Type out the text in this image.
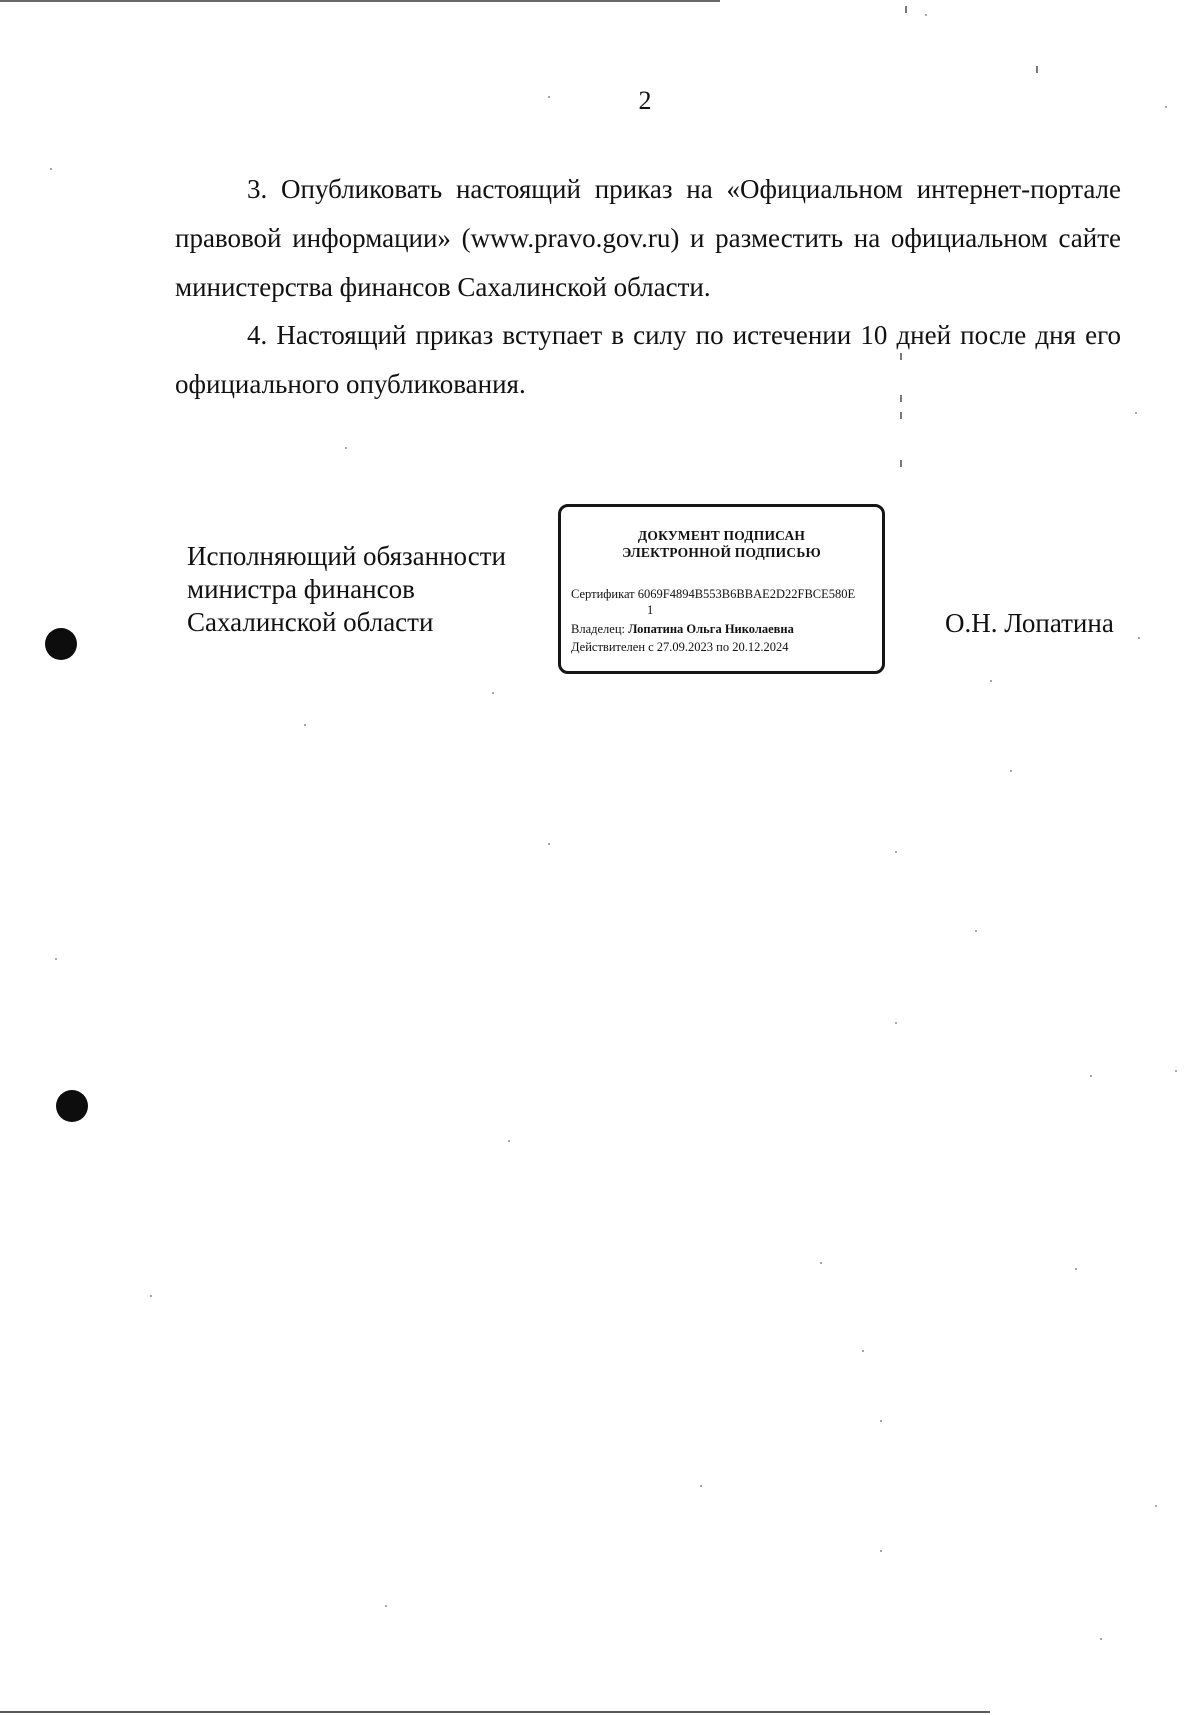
2

3. Опубликовать настоящий приказ на «Официальном интернет-портале правовой информации» (www.pravo.gov.ru) и разместить на официальном сайте министерства финансов Сахалинской области.

4. Настоящий приказ вступает в силу по истечении 10 дней после дня его официального опубликования.

Исполняющий обязанности
министра финансов
Сахалинской области
ДОКУМЕНТ ПОДПИСАН
ЭЛЕКТРОННОЙ ПОДПИСЬЮ
Сертификат 6069F4894B553B6BBAE2D22FBCE580E
1
Владелец: Лопатина Ольга Николаевна
Действителен с 27.09.2023 по 20.12.2024
О.Н. Лопатина
